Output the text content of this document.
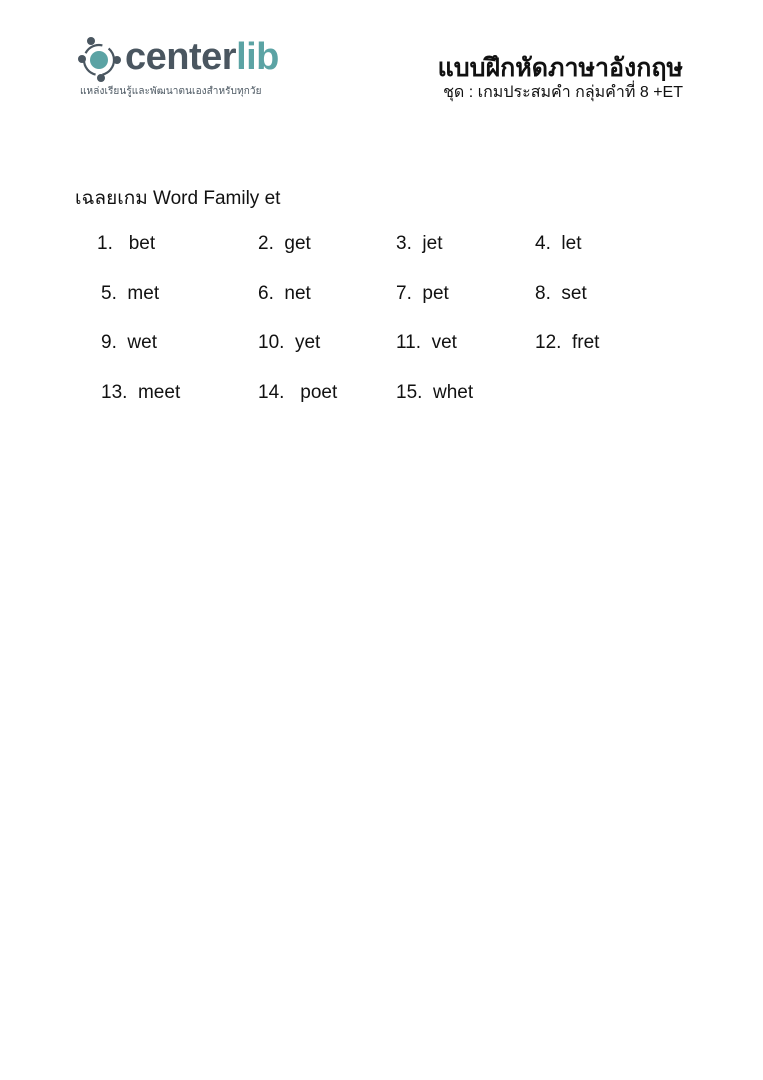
centerlib
แหล่งเรียนรู้และพัฒนาตนเองสำหรับทุกวัย
แบบฝึกหัดภาษาอังกฤษ
ชุด : เกมประสมคำ กลุ่มคำที่ 8 +ET
เฉลยเกม Word Family et
1. bet	2. get	3. jet	4. let
5. met	6. net	7. pet	8. set
9. wet	10. yet	11. vet	12. fret
13. meet	14. poet	15. whet
